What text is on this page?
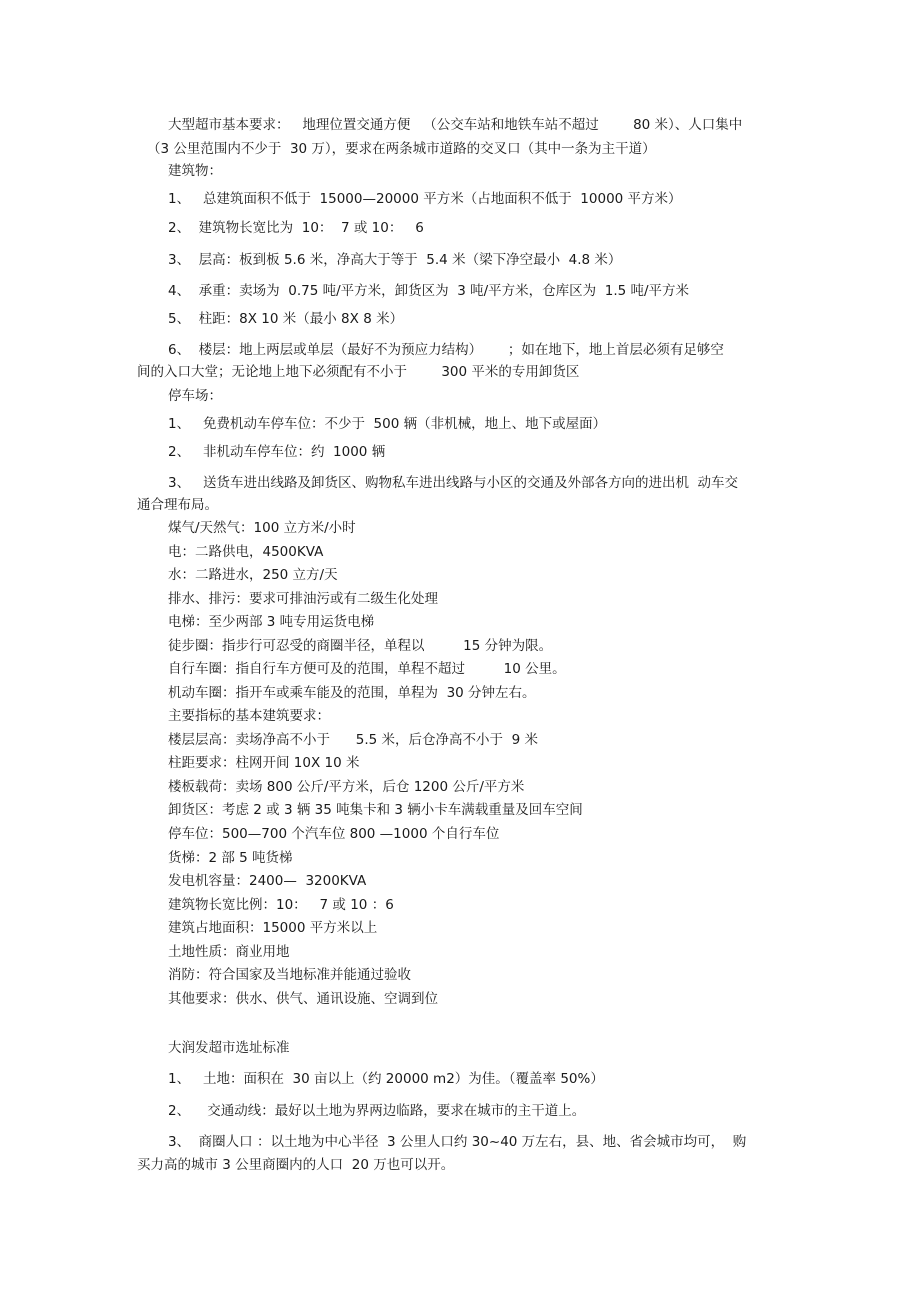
大型超市基本要求：   地理位置交通方便   （公交车站和地铁车站不超过        80 米）、人口集中

（3 公里范围内不少于  30 万），要求在两条城市道路的交叉口（其中一条为主干道）

建筑物：

1、   总建筑面积不低于  15000—20000 平方米（占地面积不低于  10000 平方米）

2、  建筑物长宽比为  10：  7 或 10：   6

3、  层高：板到板 5.6 米，净高大于等于  5.4 米（梁下净空最小  4.8 米）

4、  承重：卖场为  0.75 吨/平方米，卸货区为  3 吨/平方米，仓库区为  1.5 吨/平方米

5、  柱距：8X 10 米（最小 8X 8 米）

6、  楼层：地上两层或单层（最好不为预应力结构）      ；如在地下，地上首层必须有足够空

间的入口大堂；无论地上地下必须配有不小于        300 平米的专用卸货区

停车场：

1、   免费机动车停车位：不少于  500 辆（非机械，地上、地下或屋面）

2、   非机动车停车位：约  1000 辆

3、   送货车进出线路及卸货区、购物私车进出线路与小区的交通及外部各方向的进出机  动车交

通合理布局。

煤气/天然气：100 立方米/小时

电：二路供电，4500KVA

水：二路进水，250 立方/天

排水、排污：要求可排油污或有二级生化处理

电梯：至少两部 3 吨专用运货电梯

徒步圈：指步行可忍受的商圈半径，单程以         15 分钟为限。

自行车圈：指自行车方便可及的范围，单程不超过         10 公里。

机动车圈：指开车或乘车能及的范围，单程为  30 分钟左右。

主要指标的基本建筑要求：

楼层层高：卖场净高不小于      5.5 米，后仓净高不小于  9 米

柱距要求：柱网开间 10X 10 米

楼板载荷：卖场 800 公斤/平方米，后仓 1200 公斤/平方米

卸货区：考虑 2 或 3 辆 35 吨集卡和 3 辆小卡车满载重量及回车空间

停车位：500—700 个汽车位 800 —1000 个自行车位

货梯：2 部 5 吨货梯

发电机容量：2400—  3200KVA

建筑物长宽比例：10：   7 或 10 ：6

建筑占地面积：15000 平方米以上

土地性质：商业用地

消防：符合国家及当地标准并能通过验收

其他要求：供水、供气、通讯设施、空调到位

大润发超市选址标准

1、   土地：面积在  30 亩以上（约 20000 m2）为佳。（覆盖率 50%）

2、    交通动线：最好以土地为界两边临路，要求在城市的主干道上。

3、  商圈人口 ：以土地为中心半径  3 公里人口约 30~40 万左右，县、地、省会城市均可，  购

买力高的城市 3 公里商圈内的人口  20 万也可以开。
